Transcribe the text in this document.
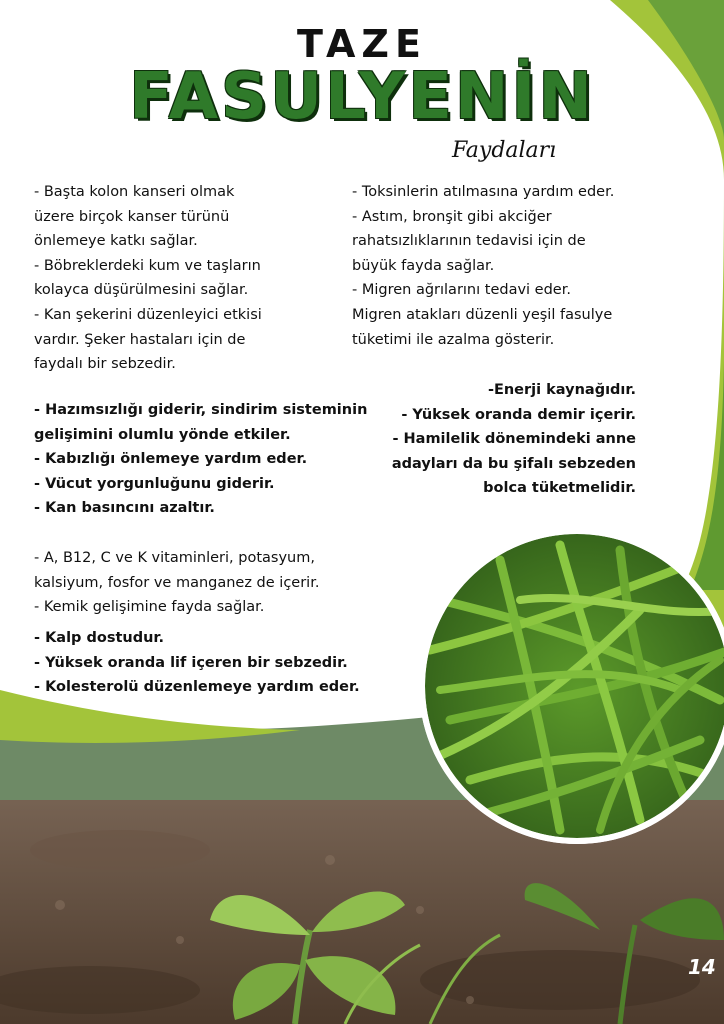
TAZE
FASULYENİN
Faydaları

- Başta kolon kanseri olmak

üzere birçok kanser türünü

önlemeye katkı sağlar.

- Böbreklerdeki kum ve taşların

kolayca düşürülmesini sağlar.

- Kan şekerini düzenleyici etkisi

vardır. Şeker hastaları için de

faydalı bir sebzedir.

- Toksinlerin atılmasına yardım eder.

- Astım, bronşit gibi akciğer

rahatsızlıklarının tedavisi için de

büyük fayda sağlar.

- Migren ağrılarını tedavi eder.

Migren atakları düzenli yeşil fasulye

tüketimi ile azalma gösterir.

- Hazımsızlığı giderir, sindirim sisteminin

gelişimini olumlu yönde etkiler.

- Kabızlığı önlemeye yardım eder.

- Vücut yorgunluğunu giderir.

- Kan basıncını azaltır.

-Enerji kaynağıdır.

- Yüksek oranda demir içerir.

- Hamilelik dönemindeki anne

adayları da bu şifalı sebzeden

bolca tüketmelidir.

- A, B12, C ve K vitaminleri, potasyum,

kalsiyum, fosfor ve manganez de içerir.

- Kemik gelişimine fayda sağlar.

- Kalp dostudur.

- Yüksek oranda lif içeren bir sebzedir.

- Kolesterolü düzenlemeye yardım eder.

14
